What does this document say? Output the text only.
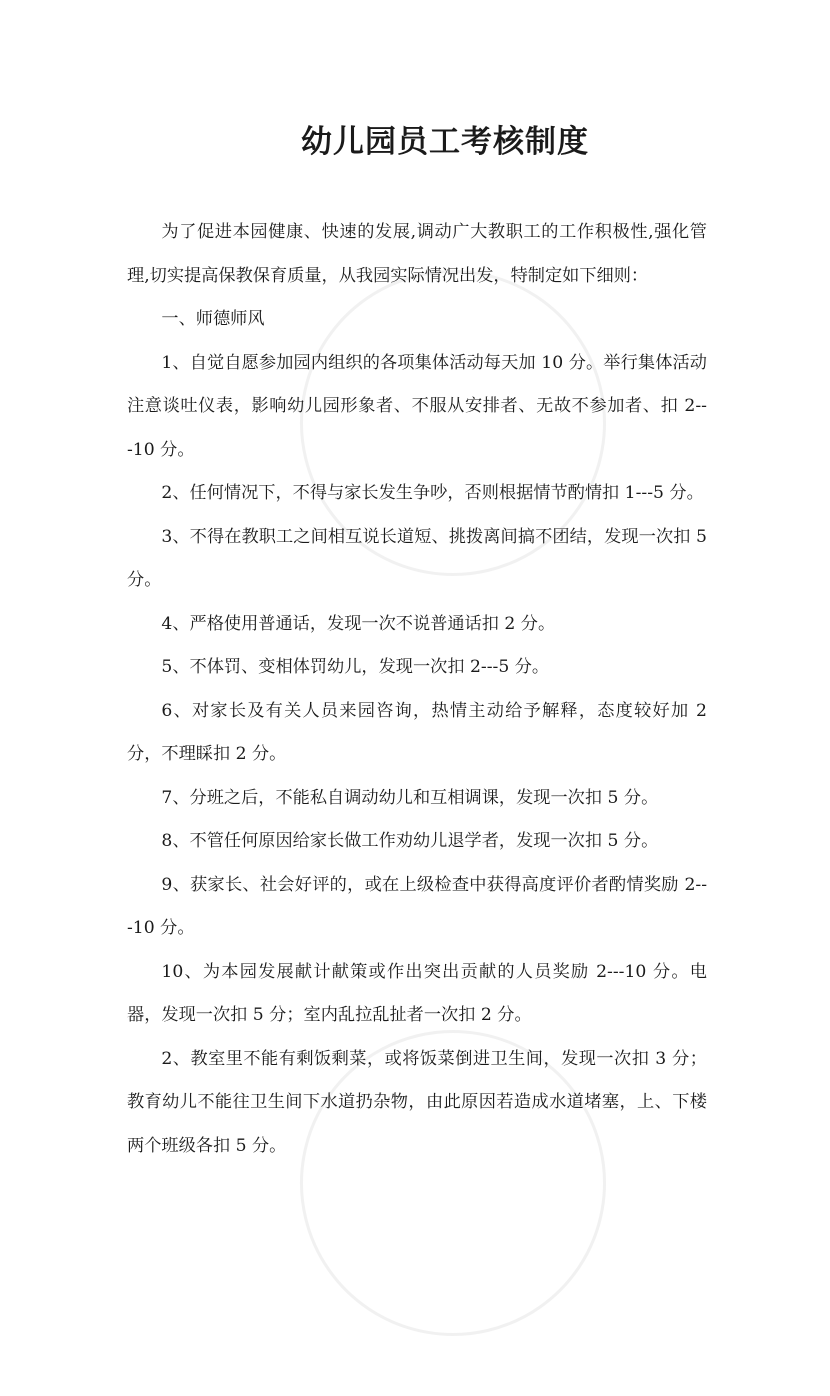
幼儿园员工考核制度

为了促进本园健康、快速的发展,调动广大教职工的工作积极性,强化管理,切实提高保教保育质量，从我园实际情况出发，特制定如下细则：

一、师德师风

1、自觉自愿参加园内组织的各项集体活动每天加 10 分。举行集体活动注意谈吐仪表，影响幼儿园形象者、不服从安排者、无故不参加者、扣 2---10 分。

2、任何情况下，不得与家长发生争吵，否则根据情节酌情扣 1---5 分。

3、不得在教职工之间相互说长道短、挑拨离间搞不团结，发现一次扣 5 分。

4、严格使用普通话，发现一次不说普通话扣 2 分。

5、不体罚、变相体罚幼儿，发现一次扣 2---5 分。

6、对家长及有关人员来园咨询，热情主动给予解释，态度较好加 2 分，不理睬扣 2 分。

7、分班之后，不能私自调动幼儿和互相调课，发现一次扣 5 分。

8、不管任何原因给家长做工作劝幼儿退学者，发现一次扣 5 分。

9、获家长、社会好评的，或在上级检查中获得高度评价者酌情奖励 2---10 分。

10、为本园发展献计献策或作出突出贡献的人员奖励 2---10 分。电器，发现一次扣 5 分；室内乱拉乱扯者一次扣 2 分。

2、教室里不能有剩饭剩菜，或将饭菜倒进卫生间，发现一次扣 3 分；教育幼儿不能往卫生间下水道扔杂物，由此原因若造成水道堵塞，上、下楼两个班级各扣 5 分。
